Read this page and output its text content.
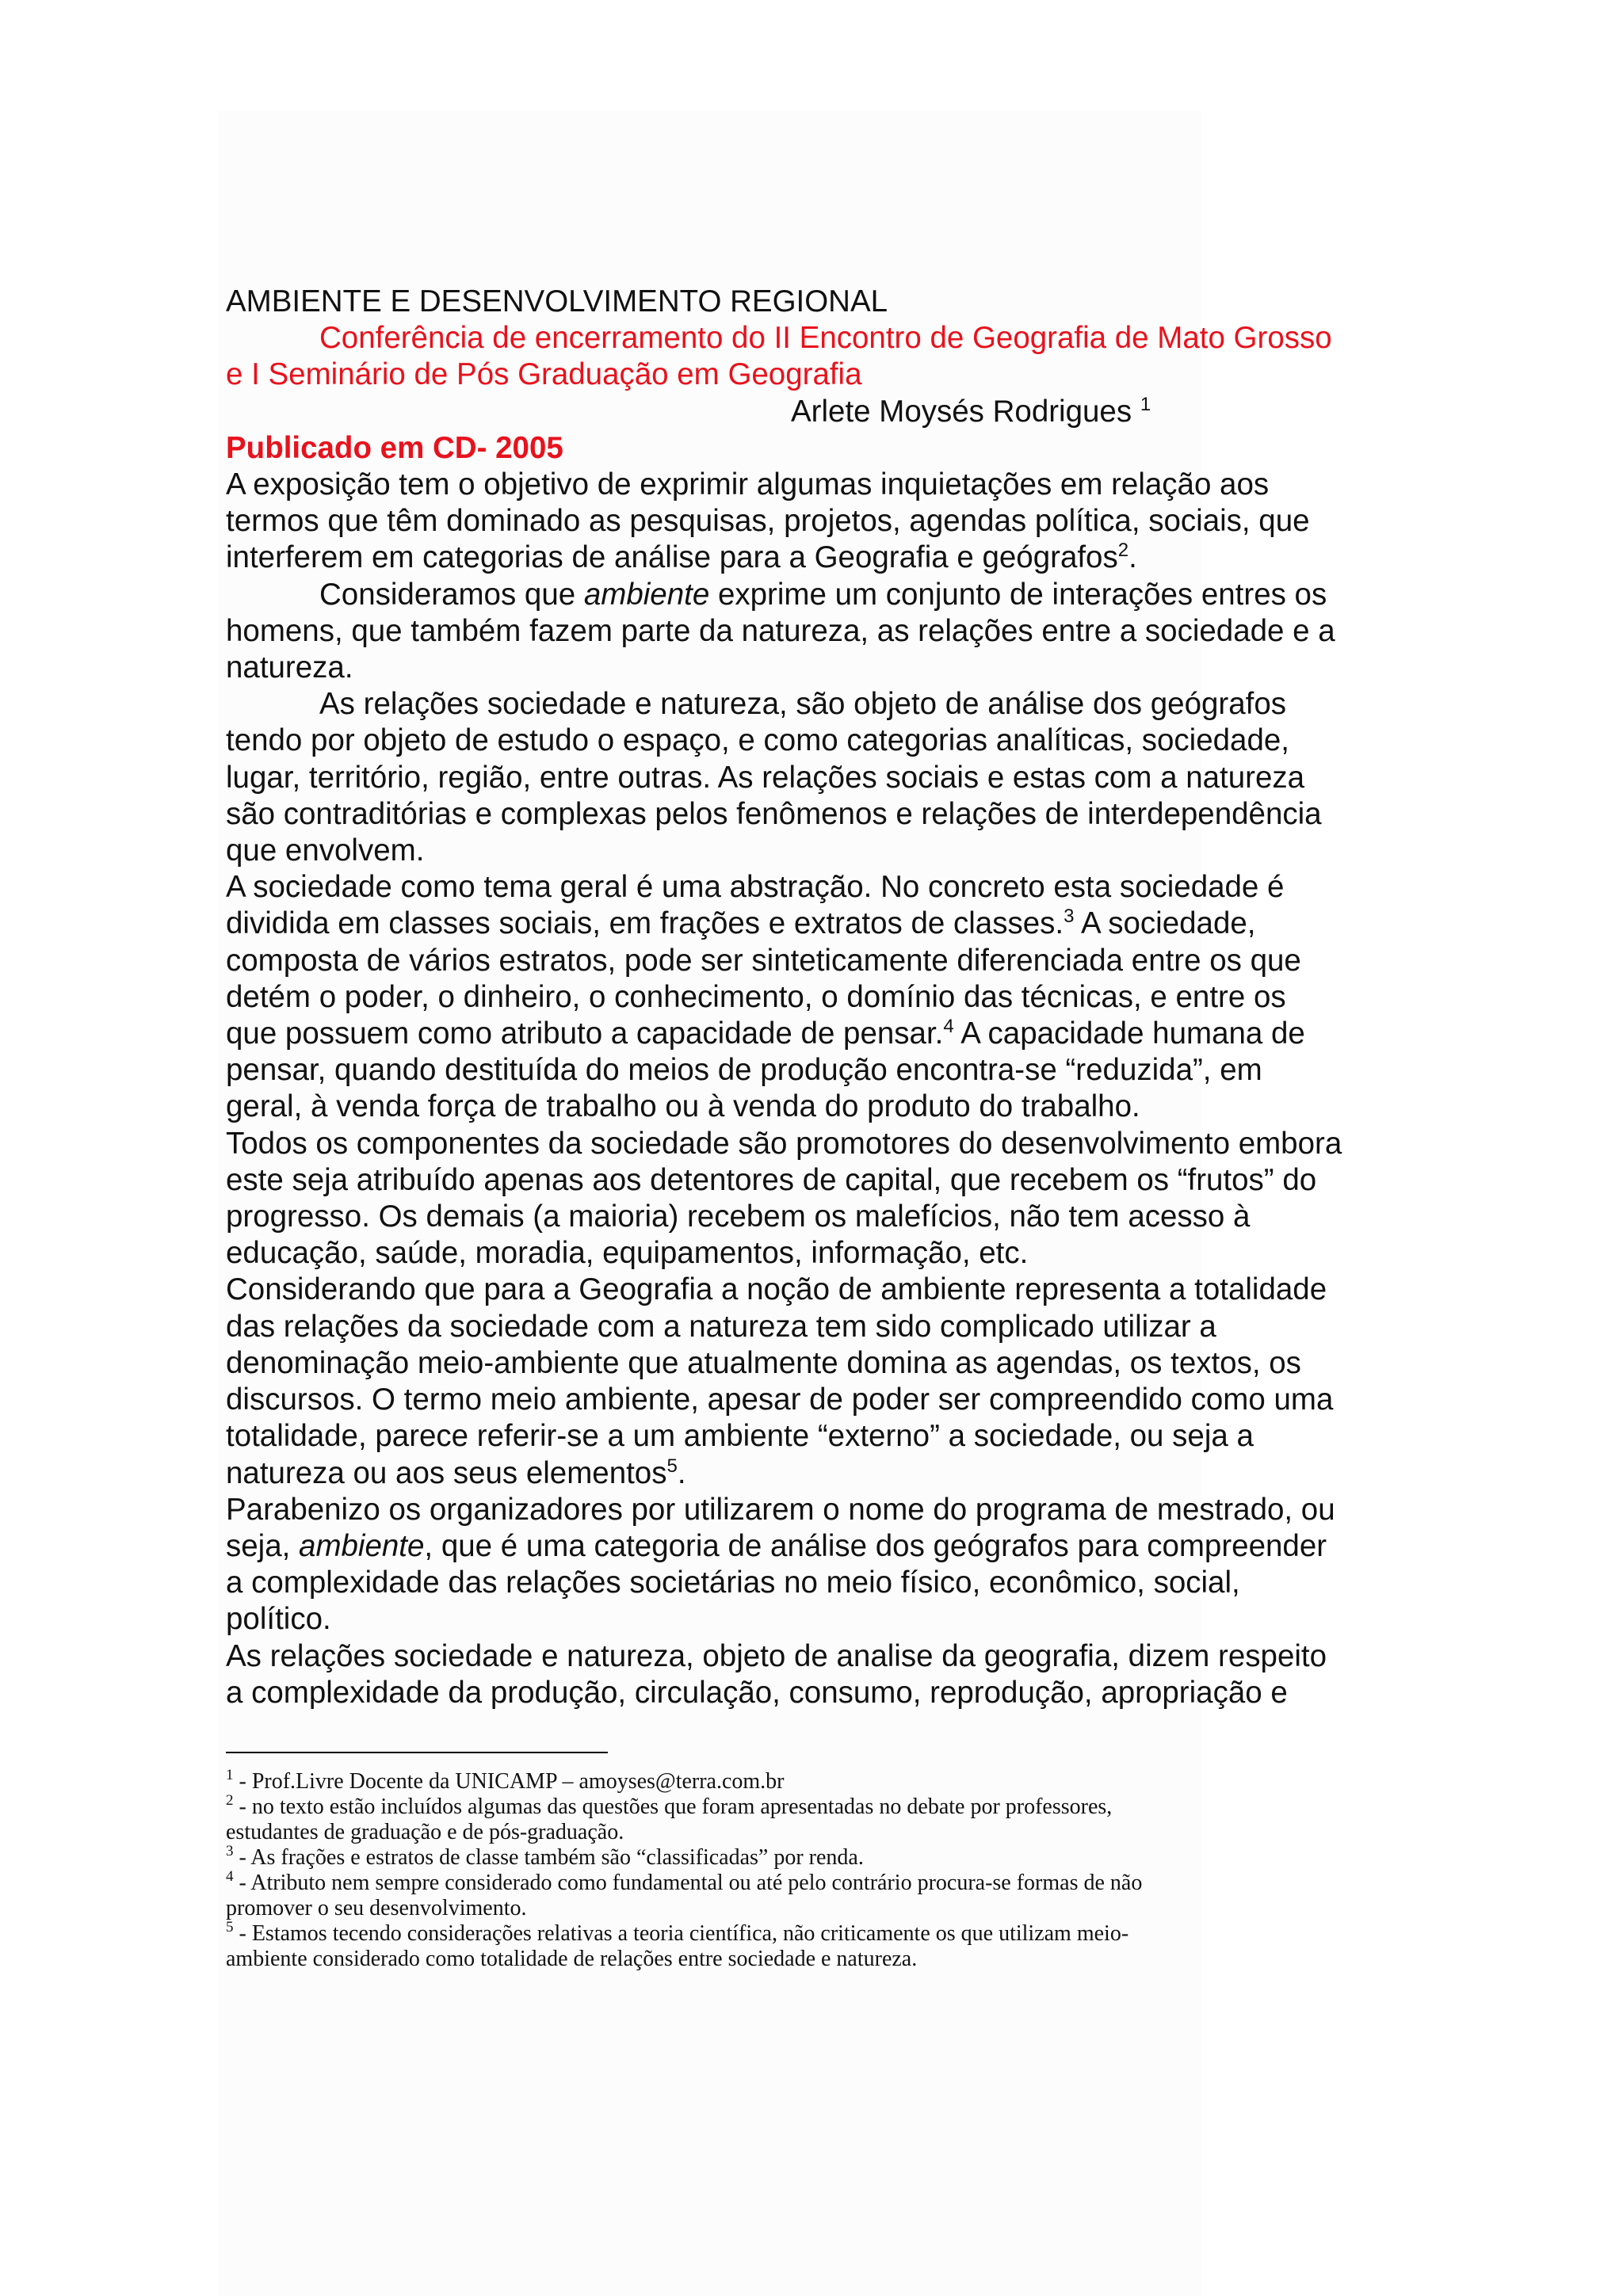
AMBIENTE E DESENVOLVIMENTO REGIONAL

Conferência de encerramento do II Encontro de Geografia de Mato Grosso
e I Seminário de Pós Graduação em Geografia

Arlete Moysés Rodrigues $^1$

Publicado em CD- 2005

A exposição tem o objetivo de exprimir algumas inquietações em relação aos
termos que têm dominado as pesquisas, projetos, agendas política, sociais, que
interferem em categorias de análise para a Geografia e geógrafos$^2$.

Consideramos que ambiente exprime um conjunto de interações entres os
homens, que também fazem parte da natureza, as relações entre a sociedade e a
natureza.

As relações sociedade e natureza, são objeto de análise dos geógrafos
tendo por objeto de estudo o espaço, e como categorias analíticas, sociedade,
lugar, território, região, entre outras. As relações sociais e estas com a natureza
são contraditórias e complexas pelos fenômenos e relações de interdependência
que envolvem.

A sociedade como tema geral é uma abstração. No concreto esta sociedade é
dividida em classes sociais, em frações e extratos de classes.$^3$ A sociedade,
composta de vários estratos, pode ser sinteticamente diferenciada entre os que
detém o poder, o dinheiro, o conhecimento, o domínio das técnicas, e entre os
que possuem como atributo a capacidade de pensar.$^4$ A capacidade humana de
pensar, quando destituída do meios de produção encontra-se “reduzida”, em
geral, à venda força de trabalho ou à venda do produto do trabalho.

Todos os componentes da sociedade são promotores do desenvolvimento embora
este seja atribuído apenas aos detentores de capital, que recebem os “frutos” do
progresso. Os demais (a maioria) recebem os malefícios, não tem acesso à
educação, saúde, moradia, equipamentos, informação, etc.

Considerando que para a Geografia a noção de ambiente representa a totalidade
das relações da sociedade com a natureza tem sido complicado utilizar a
denominação meio-ambiente que atualmente domina as agendas, os textos, os
discursos. O termo meio ambiente, apesar de poder ser compreendido como uma
totalidade, parece referir-se a um ambiente “externo” a sociedade, ou seja a
natureza ou aos seus elementos$^5$.

Parabenizo os organizadores por utilizarem o nome do programa de mestrado, ou
seja, ambiente, que é uma categoria de análise dos geógrafos para compreender
a complexidade das relações societárias no meio físico, econômico, social,
político.

As relações sociedade e natureza, objeto de analise da geografia, dizem respeito
a complexidade da produção, circulação, consumo, reprodução, apropriação e

$^1$ - Prof.Livre Docente da UNICAMP – amoyses@terra.com.br

$^2$ - no texto estão incluídos algumas das questões que foram apresentadas no debate por professores,
estudantes de graduação e de pós-graduação.

$^3$ - As frações e estratos de classe também são “classificadas” por renda.

$^4$ - Atributo nem sempre considerado como fundamental ou até pelo contrário procura-se formas de não
promover o seu desenvolvimento.

$^5$ - Estamos tecendo considerações relativas a teoria científica, não criticamente os que utilizam meio-
ambiente considerado como totalidade de relações entre sociedade e natureza.
